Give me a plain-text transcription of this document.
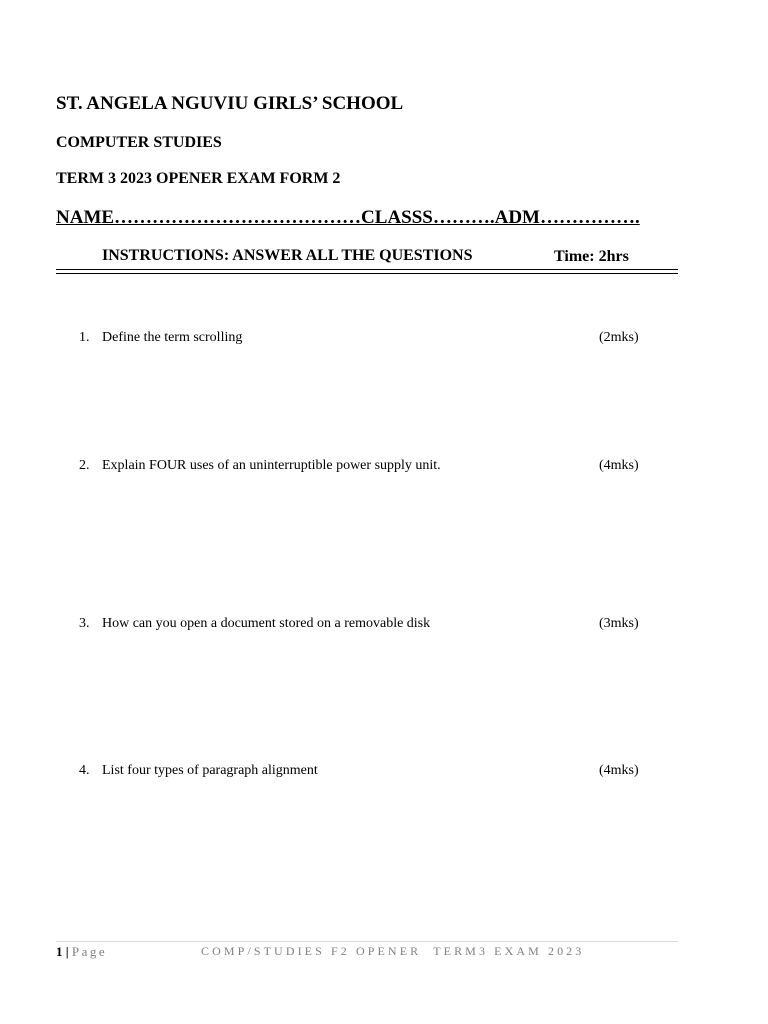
ST. ANGELA NGUVIU GIRLS’ SCHOOL
COMPUTER STUDIES
TERM 3 2023 OPENER EXAM FORM 2
NAME…………………………………CLASSS……….ADM…………….
INSTRUCTIONS: ANSWER ALL THE QUESTIONS	Time: 2hrs
1. Define the term scrolling	(2mks)
2. Explain FOUR uses of an uninterruptible power supply unit.	(4mks)
3. How can you open a document stored on a removable disk	(3mks)
4. List four types of paragraph alignment	(4mks)
1 | Page	COMP/STUDIES F2 OPENER  TERM3 EXAM 2023
